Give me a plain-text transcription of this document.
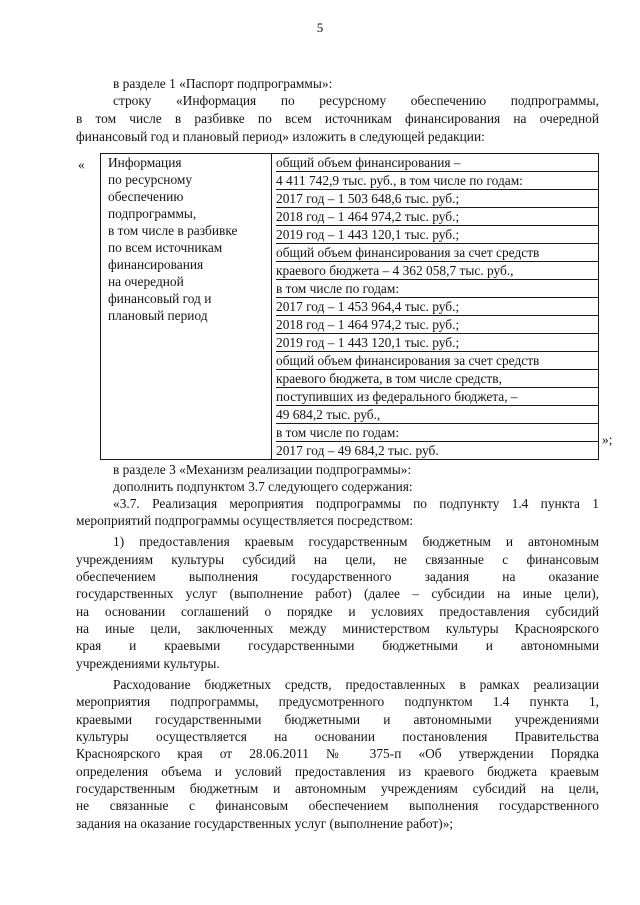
5
в разделе 1 «Паспорт подпрограммы»:
строку «Информация по ресурсному обеспечению подпрограммы,
в том числе в разбивке по всем источникам финансирования на очередной
финансовый год и плановый период» изложить в следующей редакции:
« Информация
по ресурсному
обеспечению
подпрограммы,
в том числе в разбивке
по всем источникам
финансирования
на очередной
финансовый год и
плановый период

общий объем финансирования –
4 411 742,9 тыс. руб., в том числе по годам:
2017 год – 1 503 648,6 тыс. руб.;
2018 год – 1 464 974,2 тыс. руб.;
2019 год – 1 443 120,1 тыс. руб.;
общий объем финансирования за счет средств
краевого бюджета – 4 362 058,7 тыс. руб.,
в том числе по годам:
2017 год – 1 453 964,4 тыс. руб.;
2018 год – 1 464 974,2 тыс. руб.;
2019 год – 1 443 120,1 тыс. руб.;
общий объем финансирования за счет средств
краевого бюджета, в том числе средств,
поступивших из федерального бюджета, –
49 684,2 тыс. руб.,
в том числе по годам:
2017 год – 49 684,2 тыс. руб.
»;
в разделе 3 «Механизм реализации подпрограммы»:
дополнить подпунктом 3.7 следующего содержания:
«3.7. Реализация мероприятия подпрограммы по подпункту 1.4 пункта 1
мероприятий подпрограммы осуществляется посредством:
1) предоставления краевым государственным бюджетным и автономным
учреждениям культуры субсидий на цели, не связанные с финансовым
обеспечением выполнения государственного задания на оказание
государственных услуг (выполнение работ) (далее – субсидии на иные цели),
на основании соглашений о порядке и условиях предоставления субсидий
на иные цели, заключенных между министерством культуры Красноярского
края и краевыми государственными бюджетными и автономными
учреждениями культуры.
Расходование бюджетных средств, предоставленных в рамках реализации
мероприятия подпрограммы, предусмотренного подпунктом 1.4 пункта 1,
краевыми государственными бюджетными и автономными учреждениями
культуры осуществляется на основании постановления Правительства
Красноярского края от 28.06.2011 № 375-п «Об утверждении Порядка
определения объема и условий предоставления из краевого бюджета краевым
государственным бюджетным и автономным учреждениям субсидий на цели,
не связанные с финансовым обеспечением выполнения государственного
задания на оказание государственных услуг (выполнение работ)»;
